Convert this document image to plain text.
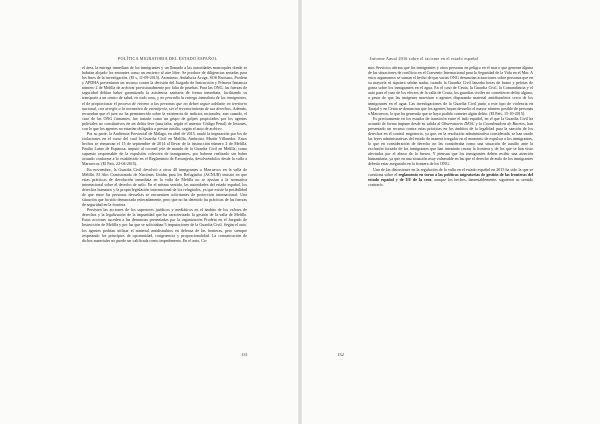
POLÍTICA MIGRATORIA DEL ESTADO ESPAÑOL

el área, la entrega inmediata de los inmigrantes y un llamado a las autoridades marroquíes donde se habrían alojado los entrantes como un encierro al aire libre. Se produce de diligencias seriadas para los fines de la investigación. (El s, 11-09-2015). Asimismo, Andalucía Acoge, SOS Racismo, Prodein y APDHA presentaron un recurso contra la decisión del Juzgado de Instrucción y Primera Instancia número 2 de Melilla de archivar provisionalmente por falta de pruebas. Para las ONG, las fuerzas de seguridad debían haber garantizado la asistencia sanitaria de forma inmediata, facilitando su transporte a un centro de salud, en todo caso, y no procedía la entrega inmediata de los inmigrantes, el de proporcionar el proceso de retorno a las personas que no deben seguir adelante en territorio nacional, con arreglo a la normativa de extranjería, sin el reconocimiento de sus derechos. Además, recuerdan que el juez no ha permanecido sobre la existencia de indicios racionales, aun cuando, el caso de las ONG firmantes, fue tratado como un grupo de golpes propiciados por los agentes policiales no constitutivos de un delito leve (una falta, según el anterior Código Penal) de lesiones, con lo que los agentes no estarían obligados a prestar auxilio, según el auto de archivo.

Por su parte, la Audiencia Provincial de Málaga, en abril de 2015, anuló la imputación por los de violaciones en el curso del cual la Guardia Civil en Melilla, Ambrosio Martín Villaseñor. Estos hechos se enmarcan el 15 de septiembre de 2014 al llevar de la instrucción número 2 de Melilla, Emilio Lamo de Espinosa, imputó al coronel jefe de mando de la Guardia Civil en Melilla, como supuesto responsable de la expulsión colectiva de inmigrantes, por haberse realizado sin haber actuado conforme a lo establecido en el Reglamento de Extranjería, devolviéndolos desde la valla a Marruecos. (El País, 22-04-2015).

En noviembre, la Guardia Civil devolvió a otros 40 inmigrantes a Marruecos en la valla de Melilla. El Alto Comisionado de Naciones Unidas para los Refugiados (ACNUR) insistió en que estas prácticas de devolución inmediata en la valla de Melilla no se ajustan a la normativa internacional sobre el derecho de asilo. En el mismo sentido, las autoridades del estado español, los derechos humanos y la propia legislación internacional de los refugiados, ya que existe la posibilidad de que entre las personas devueltas se encuentren solicitantes de protección internacional. Una situación que ha sido denunciada reiteradamente, pero que no ha detenido las prácticas de las fuerzas de seguridad en la frontera.

Persisten las acciones de los superiores jurídicos y mediáticos en el ámbito de los valores de derechos y la legalización de la impunidad que ha caracterizado la gestión de la valla de Melilla. Estas acciones suceden a las denuncias presentadas por la organización Prodein en el Juzgado de Instrucción de Melilla y por las que se solicitaban 5 imputaciones de la Guardia Civil. Según el auto, los agentes podrían utilizar el material antidisturbios en defensa de las fronteras, pero siempre respetando los principios de oportunidad, congruencia y proporcionalidad. La comunicación de dichos materiales no puede ser calificada como impedimento. En el auto, Ca-

131
Informe Anual 2016 sobre el racismo en el estado español

mos Servicios afirma que los inmigrantes y otros personas en peligro en el mar o que generan alguna de las situaciones de conflicto en el Convenio Internacional para la Seguridad de la Vida en el Mar. A estos argumentos se suman el hecho de que varias ONG denuncian actuaciones sobre personas que en su mayoría ni siquiera sabían nadar, cuando la Guardia Civil lanzaba botes de humo y pelotas de goma sobre los inmigrantes en el agua. En el caso de Ceuta, la Guardia Civil, la Comandancia y el auto para el caso de los efectos de la valla de Ceuta, los guardias civiles no cometieron delito alguno, a pesar de que las imágenes muestran a agentes disparando material antidisturbios cerca de los inmigrantes en el agua. Las investigaciones de la Guardia Civil junto a este tipo de violencia en Tarajal y en Ceuta se denuncian que los agentes hayan devuelto el mayor número posible de personas a Marruecos, lo que ha generado que se haya podido cometer algún delito. (El País, 15-10-2015).

Es precisamente en los estados de transición entre el lado español, en el que la Guardia Civil ha actuado de forma impune desde su salida al Observatorio DESC y la Coordinadora de Barrios, han presentado un recurso contra estas prácticas en los ámbitos de la legalidad para la sanción de los derechos en el control migratorio, ya que, en la resolución administrativa considerada, se han usado las leyes administrativas del estado de manera irregular en el momento de expulsar a los inmigrantes, lo que en consideración de derecho no las consideraba como una situación de auxilio ante la exclusión forzada de los inmigrantes que han intentado cruzar la frontera y de los que se han visto afectados por el abuso de la fuerza. Y piensan que los inmigrantes deben recibir una atención humanitaria, ya que en una situación muy vulnerable en las que el derecho de asilo de los inmigrantes debería estar asegurado en la frontera de los ONG.

Una de las discusiones en la regulación de la valla en el estado español en 2015 ha sido la que se cuestiona sobre el reglamento en torno a las políticas migratorias de gestión de las fronteras del estado español y de UE de la cruz, aunque los hechos, lamentablemente, siguieron su sentido contrario.

132
